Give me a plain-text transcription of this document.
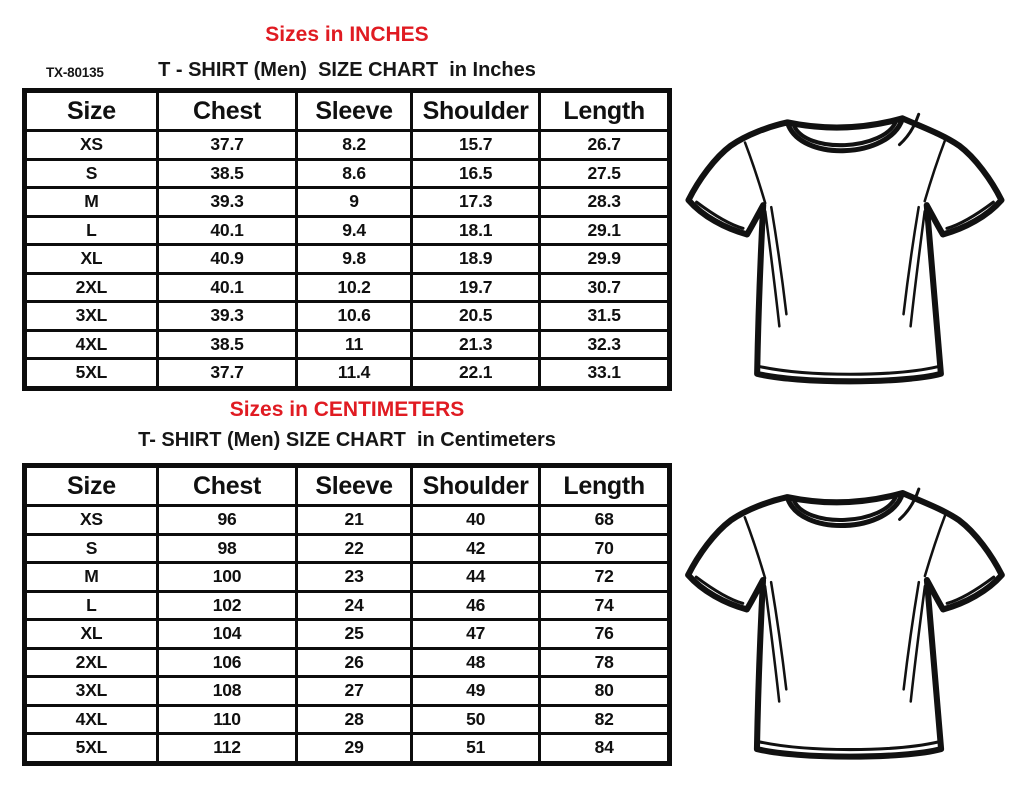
Sizes in INCHES
TX-80135	T - SHIRT (Men)  SIZE CHART  in Inches
Size	Chest	Sleeve	Shoulder	Length
XS	37.7	8.2	15.7	26.7
S	38.5	8.6	16.5	27.5
M	39.3	9	17.3	28.3
L	40.1	9.4	18.1	29.1
XL	40.9	9.8	18.9	29.9
2XL	40.1	10.2	19.7	30.7
3XL	39.3	10.6	20.5	31.5
4XL	38.5	11	21.3	32.3
5XL	37.7	11.4	22.1	33.1
Sizes in CENTIMETERS
T- SHIRT (Men) SIZE CHART  in Centimeters
Size	Chest	Sleeve	Shoulder	Length
XS	96	21	40	68
S	98	22	42	70
M	100	23	44	72
L	102	24	46	74
XL	104	25	47	76
2XL	106	26	48	78
3XL	108	27	49	80
4XL	110	28	50	82
5XL	112	29	51	84
